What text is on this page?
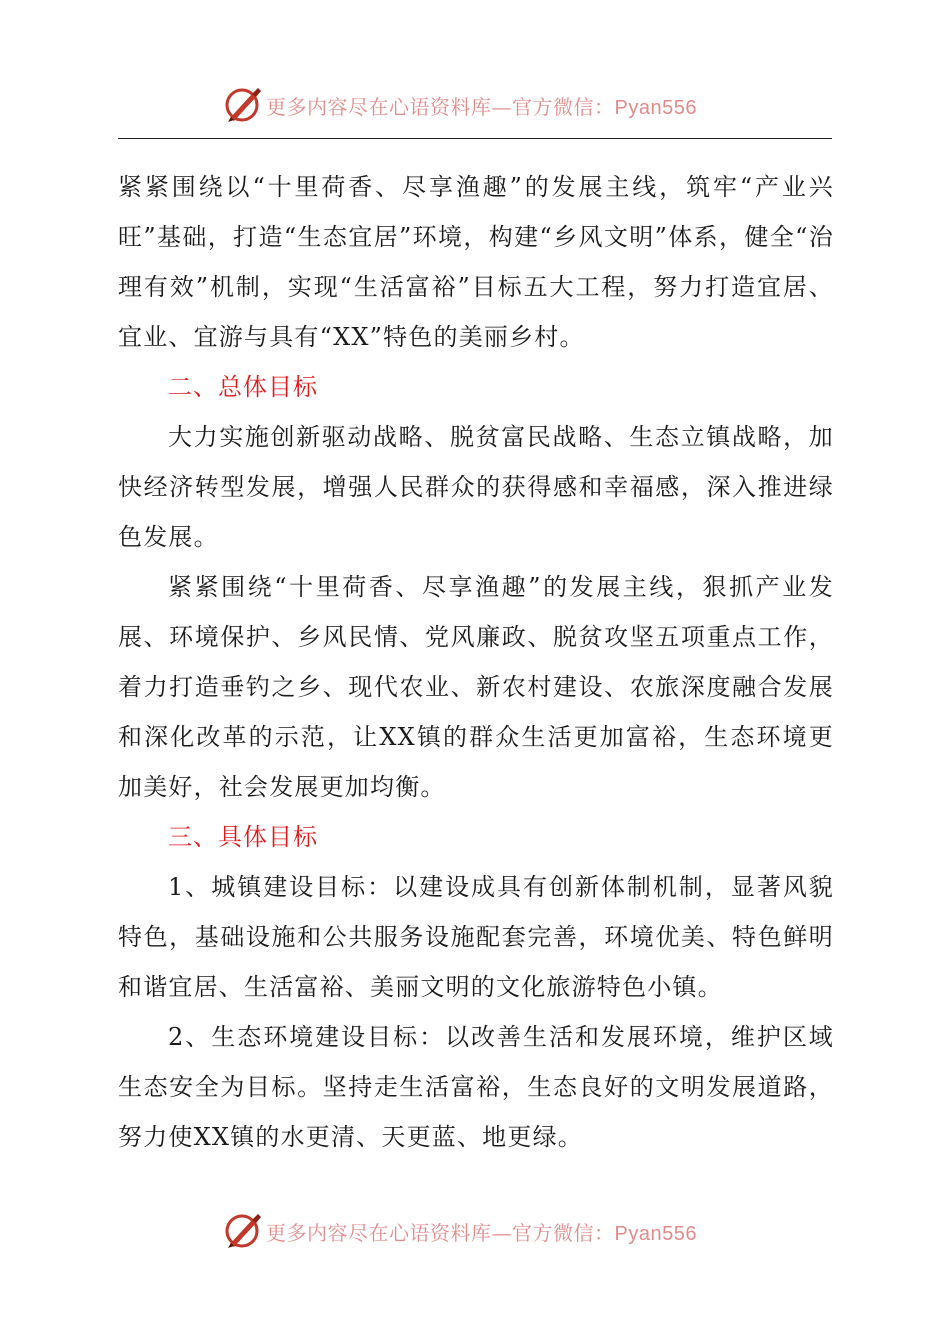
更多内容尽在心语资料库—官方微信：Pyan556

紧紧围绕以“十里荷香、尽享渔趣”的发展主线，筑牢“产业兴旺”基础，打造“生态宜居”环境，构建“乡风文明”体系，健全“治理有效”机制，实现“生活富裕”目标五大工程，努力打造宜居、宜业、宜游与具有“XX”特色的美丽乡村。

二、总体目标

大力实施创新驱动战略、脱贫富民战略、生态立镇战略，加快经济转型发展，增强人民群众的获得感和幸福感，深入推进绿色发展。

紧紧围绕“十里荷香、尽享渔趣”的发展主线，狠抓产业发展、环境保护、乡风民情、党风廉政、脱贫攻坚五项重点工作，着力打造垂钓之乡、现代农业、新农村建设、农旅深度融合发展和深化改革的示范，让XX镇的群众生活更加富裕，生态环境更加美好，社会发展更加均衡。

三、具体目标

1、城镇建设目标：以建设成具有创新体制机制，显著风貌特色，基础设施和公共服务设施配套完善，环境优美、特色鲜明和谐宜居、生活富裕、美丽文明的文化旅游特色小镇。

2、生态环境建设目标：以改善生活和发展环境，维护区域生态安全为目标。坚持走生活富裕，生态良好的文明发展道路，努力使XX镇的水更清、天更蓝、地更绿。

更多内容尽在心语资料库—官方微信：Pyan556
